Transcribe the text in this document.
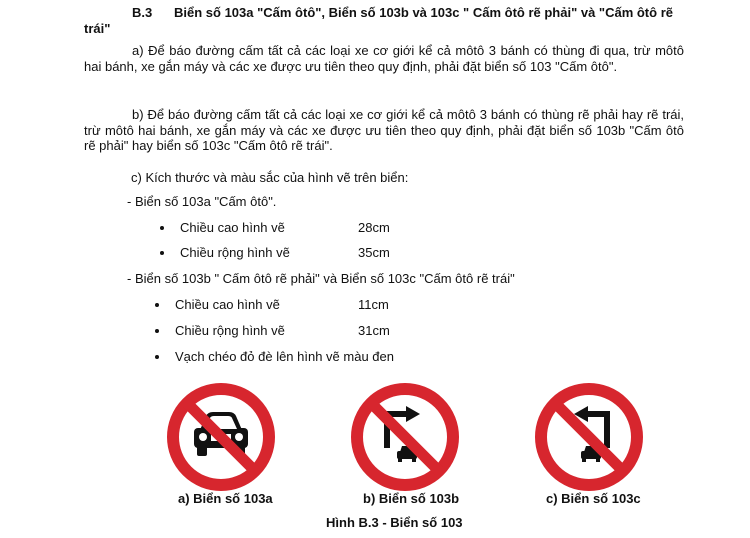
B.3 Biển số 103a "Cấm ôtô", Biển số 103b và 103c " Cấm ôtô rẽ phải" và "Cấm ôtô rẽ trái"
a) Để báo đường cấm tất cả các loại xe cơ giới kể cả môtô 3 bánh có thùng đi qua, trừ môtô hai bánh, xe gắn máy và các xe được ưu tiên theo quy định, phải đặt biển số 103 "Cấm ôtô".
b) Để báo đường cấm tất cả các loại xe cơ giới kể cả môtô 3 bánh có thùng rẽ phải hay rẽ trái, trừ môtô hai bánh, xe gắn máy và các xe được ưu tiên theo quy định, phải đặt biển số 103b "Cấm ôtô rẽ phải" hay biển số 103c "Cấm ôtô rẽ trái".
c) Kích thước và màu sắc của hình vẽ trên biển:
- Biển số 103a "Cấm ôtô".
Chiều cao hình vẽ	28cm
Chiều rộng hình vẽ	35cm
- Biển số 103b " Cấm ôtô rẽ phải" và Biển số 103c "Cấm ôtô rẽ trái"
Chiều cao hình vẽ	11cm
Chiều rộng hình vẽ	31cm
Vạch chéo đỏ đè lên hình vẽ màu đen
a) Biển số 103a	b) Biển số 103b	c) Biển số 103c
Hình B.3 - Biển số 103
